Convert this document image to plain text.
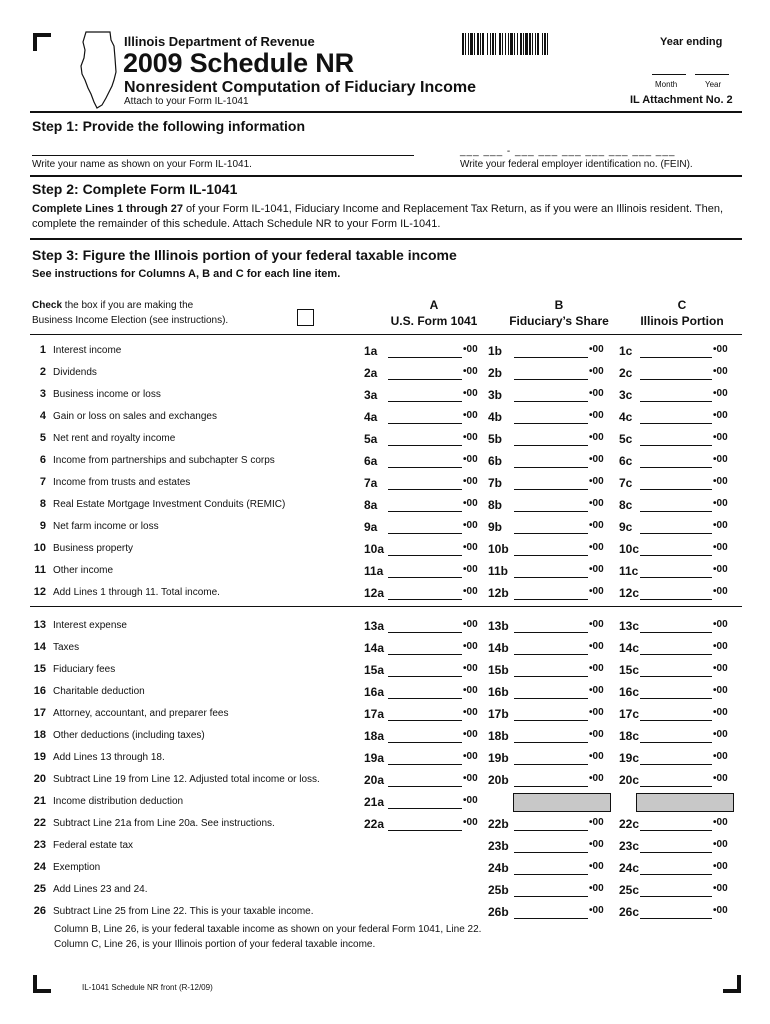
Illinois Department of Revenue
2009 Schedule NR
Nonresident Computation of Fiduciary Income
Attach to your Form IL-1041
Year ending
Month	Year
IL Attachment No. 2
Step 1: Provide the following information
Write your name as shown on your Form IL-1041.
___ ___ - ___ ___ ___ ___ ___ ___ ___
Write your federal employer identification no. (FEIN).
Step 2: Complete Form IL-1041
Complete Lines 1 through 27 of your Form IL-1041, Fiduciary Income and Replacement Tax Return, as if you were an Illinois resident. Then, complete the remainder of this schedule. Attach Schedule NR to your Form IL-1041.
Step 3: Figure the Illinois portion of your federal taxable income
See instructions for Columns A, B and C for each line item.
Check the box if you are making the
Business Income Election (see instructions).
A
U.S. Form 1041
B
Fiduciary’s Share
C
Illinois Portion
1 Interest income	1a	•00 1b	•00 1c	•00
2 Dividends	2a	•00 2b	•00 2c	•00
3 Business income or loss	3a	•00 3b	•00 3c	•00
4 Gain or loss on sales and exchanges	4a	•00 4b	•00 4c	•00
5 Net rent and royalty income	5a	•00 5b	•00 5c	•00
6 Income from partnerships and subchapter S corps	6a	•00 6b	•00 6c	•00
7 Income from trusts and estates	7a	•00 7b	•00 7c	•00
8 Real Estate Mortgage Investment Conduits (REMIC)	8a	•00 8b	•00 8c	•00
9 Net farm income or loss	9a	•00 9b	•00 9c	•00
10 Business property	10a	•00 10b	•00 10c	•00
11 Other income	11a	•00 11b	•00 11c	•00
12 Add Lines 1 through 11. Total income.	12a	•00 12b	•00 12c	•00
13 Interest expense	13a	•00 13b	•00 13c	•00
14 Taxes	14a	•00 14b	•00 14c	•00
15 Fiduciary fees	15a	•00 15b	•00 15c	•00
16 Charitable deduction	16a	•00 16b	•00 16c	•00
17 Attorney, accountant, and preparer fees	17a	•00 17b	•00 17c	•00
18 Other deductions (including taxes)	18a	•00 18b	•00 18c	•00
19 Add Lines 13 through 18.	19a	•00 19b	•00 19c	•00
20 Subtract Line 19 from Line 12. Adjusted total income or loss.	20a	•00 20b	•00 20c	•00
21 Income distribution deduction	21a	•00
22 Subtract Line 21a from Line 20a. See instructions.	22a	•00 22b	•00 22c	•00
23 Federal estate tax	23b	•00 23c	•00
24 Exemption	24b	•00 24c	•00
25 Add Lines 23 and 24.	25b	•00 25c	•00
26 Subtract Line 25 from Line 22. This is your taxable income.	26b	•00 26c	•00
Column B, Line 26, is your federal taxable income as shown on your federal Form 1041, Line 22.
Column C, Line 26, is your Illinois portion of your federal taxable income.
IL-1041 Schedule NR front (R-12/09)
